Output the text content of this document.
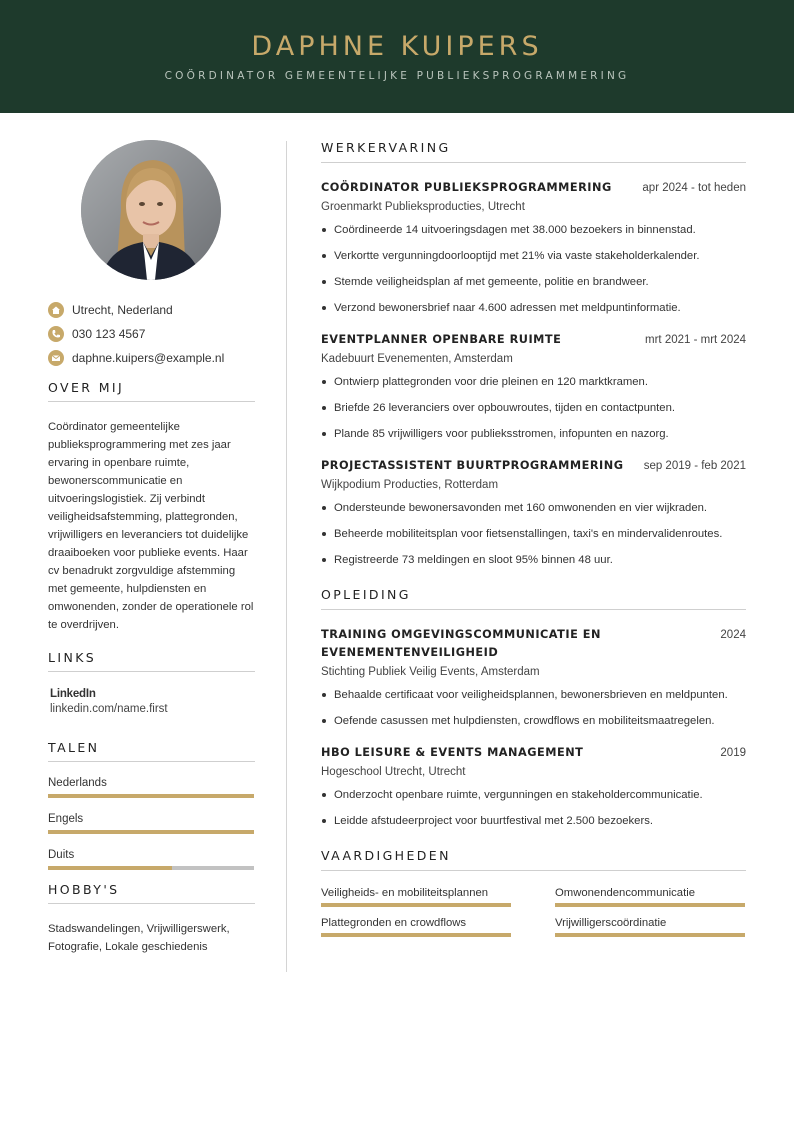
DAPHNE KUIPERS
COÖRDINATOR GEMEENTELIJKE PUBLIEKSPROGRAMMERING
Utrecht, Nederland
030 123 4567
daphne.kuipers@example.nl
OVER MIJ
Coördinator gemeentelijke publieksprogrammering met zes jaar ervaring in openbare ruimte, bewonerscommunicatie en uitvoeringslogistiek. Zij verbindt veiligheidsafstemming, plattegronden, vrijwilligers en leveranciers tot duidelijke draaiboeken voor publieke events. Haar cv benadrukt zorgvuldige afstemming met gemeente, hulpdiensten en omwonenden, zonder de operationele rol te overdrijven.
LINKS
LinkedIn
linkedin.com/name.first
TALEN
Nederlands
Engels
Duits
HOBBY'S
Stadswandelingen, Vrijwilligerswerk, Fotografie, Lokale geschiedenis
WERKERVARING
COÖRDINATOR PUBLIEKSPROGRAMMERING	apr 2024 - tot heden
Groenmarkt Publieksproducties, Utrecht
Coördineerde 14 uitvoeringsdagen met 38.000 bezoekers in binnenstad.
Verkortte vergunningdoorlooptijd met 21% via vaste stakeholderkalender.
Stemde veiligheidsplan af met gemeente, politie en brandweer.
Verzond bewonersbrief naar 4.600 adressen met meldpuntinformatie.
EVENTPLANNER OPENBARE RUIMTE	mrt 2021 - mrt 2024
Kadebuurt Evenementen, Amsterdam
Ontwierp plattegronden voor drie pleinen en 120 marktkramen.
Briefde 26 leveranciers over opbouwroutes, tijden en contactpunten.
Plande 85 vrijwilligers voor publieksstromen, infopunten en nazorg.
PROJECTASSISTENT BUURTPROGRAMMERING sep 2019 - feb 2021
Wijkpodium Producties, Rotterdam
Ondersteunde bewonersavonden met 160 omwonenden en vier wijkraden.
Beheerde mobiliteitsplan voor fietsenstallingen, taxi's en mindervalidenroutes.
Registreerde 73 meldingen en sloot 95% binnen 48 uur.
OPLEIDING
TRAINING OMGEVINGSCOMMUNICATIE EN EVENEMENTENVEILIGHEID
2024
Stichting Publiek Veilig Events, Amsterdam
Behaalde certificaat voor veiligheidsplannen, bewonersbrieven en meldpunten.
Oefende casussen met hulpdiensten, crowdflows en mobiliteitsmaatregelen.
HBO LEISURE & EVENTS MANAGEMENT	2019
Hogeschool Utrecht, Utrecht
Onderzocht openbare ruimte, vergunningen en stakeholdercommunicatie.
Leidde afstudeerproject voor buurtfestival met 2.500 bezoekers.
VAARDIGHEDEN
Veiligheids- en mobiliteitsplannen	Omwonendencommunicatie
Plattegronden en crowdflows	Vrijwilligerscoördinatie
